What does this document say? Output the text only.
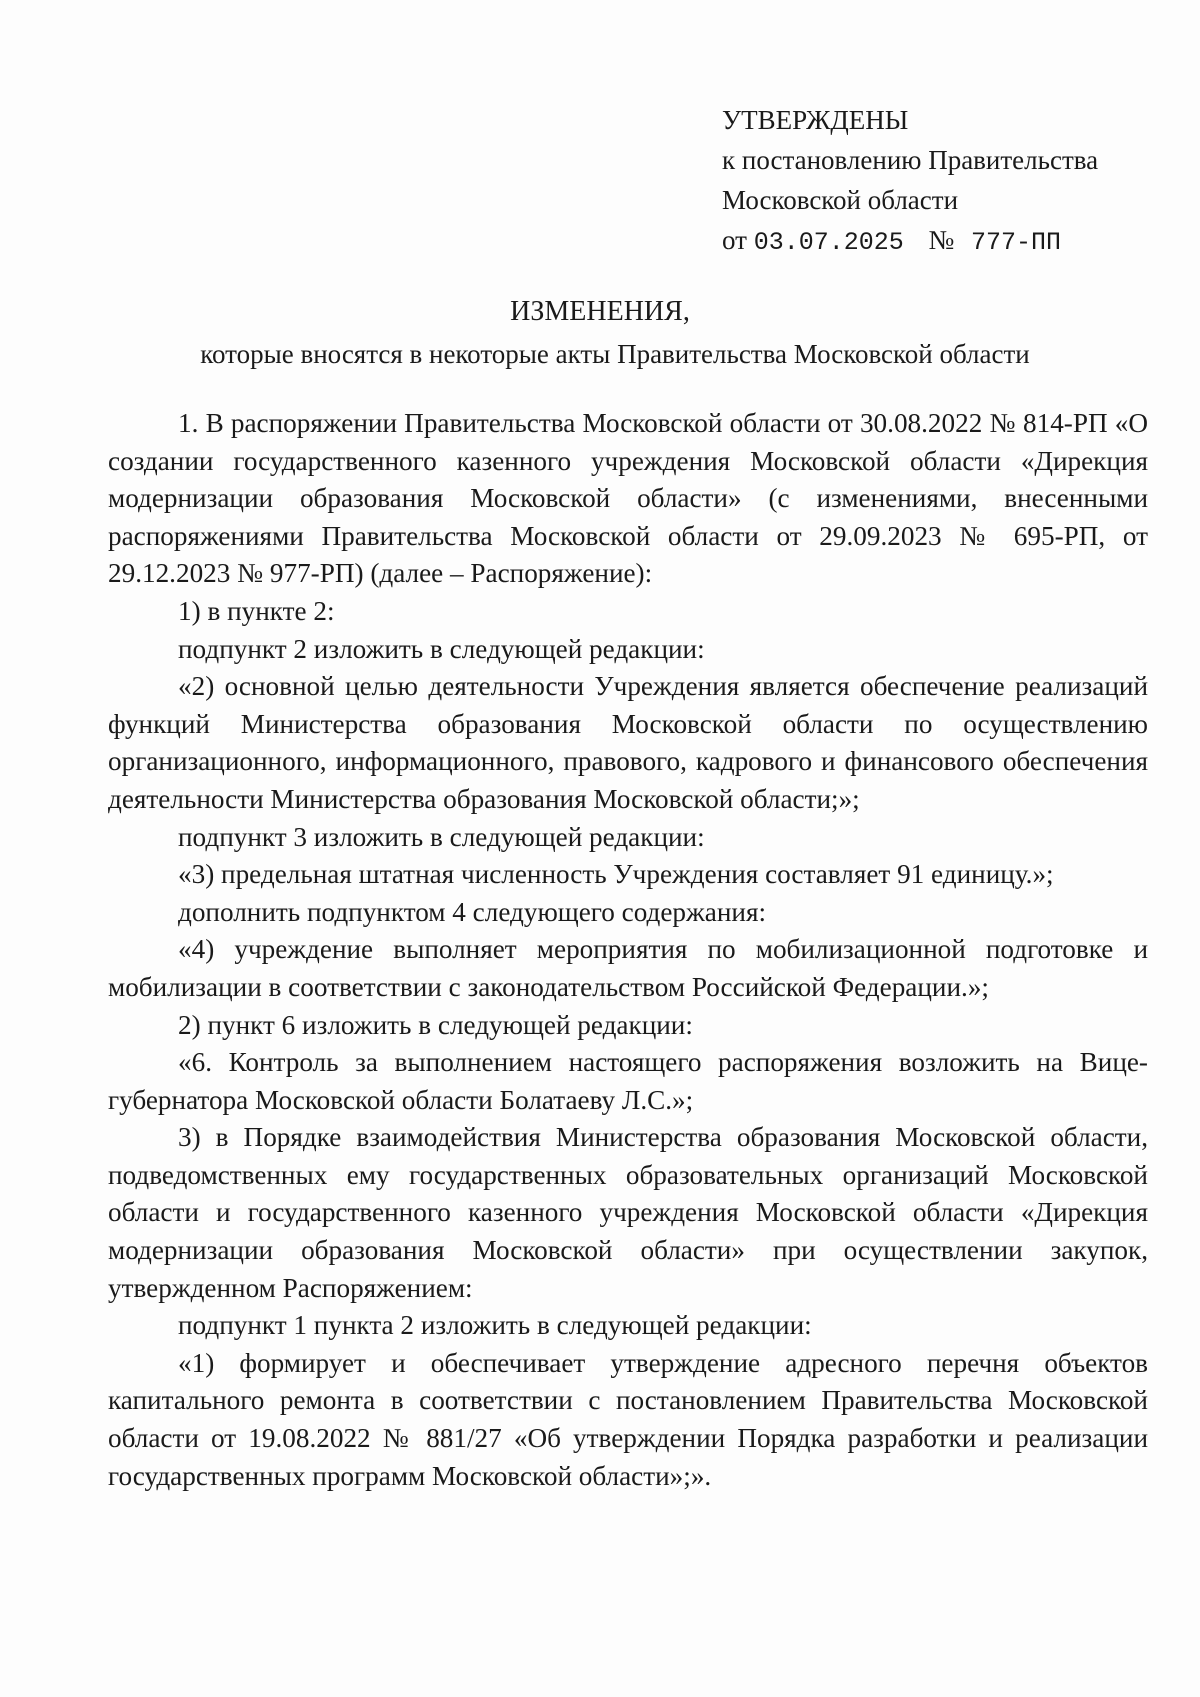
УТВЕРЖДЕНЫ
к постановлению Правительства
Московской области
от 03.07.2025 № 777-ПП
ИЗМЕНЕНИЯ,
которые вносятся в некоторые акты Правительства Московской области

1. В распоряжении Правительства Московской области от 30.08.2022 № 814-РП «О создании государственного казенного учреждения Московской области «Дирекция модернизации образования Московской области» (с изменениями, внесенными распоряжениями Правительства Московской области от 29.09.2023 № 695-РП, от 29.12.2023 № 977-РП) (далее – Распоряжение):

1) в пункте 2:

подпункт 2 изложить в следующей редакции:

«2) основной целью деятельности Учреждения является обеспечение реализаций функций Министерства образования Московской области по осуществлению организационного, информационного, правового, кадрового и финансового обеспечения деятельности Министерства образования Московской области;»;

подпункт 3 изложить в следующей редакции:

«3) предельная штатная численность Учреждения составляет 91 единицу.»;

дополнить подпунктом 4 следующего содержания:

«4) учреждение выполняет мероприятия по мобилизационной подготовке и мобилизации в соответствии с законодательством Российской Федерации.»;

2) пункт 6 изложить в следующей редакции:

«6. Контроль за выполнением настоящего распоряжения возложить на Вице-губернатора Московской области Болатаеву Л.С.»;

3) в Порядке взаимодействия Министерства образования Московской области, подведомственных ему государственных образовательных организаций Московской области и государственного казенного учреждения Московской области «Дирекция модернизации образования Московской области» при осуществлении закупок, утвержденном Распоряжением:

подпункт 1 пункта 2 изложить в следующей редакции:

«1) формирует и обеспечивает утверждение адресного перечня объектов капитального ремонта в соответствии с постановлением Правительства Московской области от 19.08.2022 № 881/27 «Об утверждении Порядка разработки и реализации государственных программ Московской области»;».
